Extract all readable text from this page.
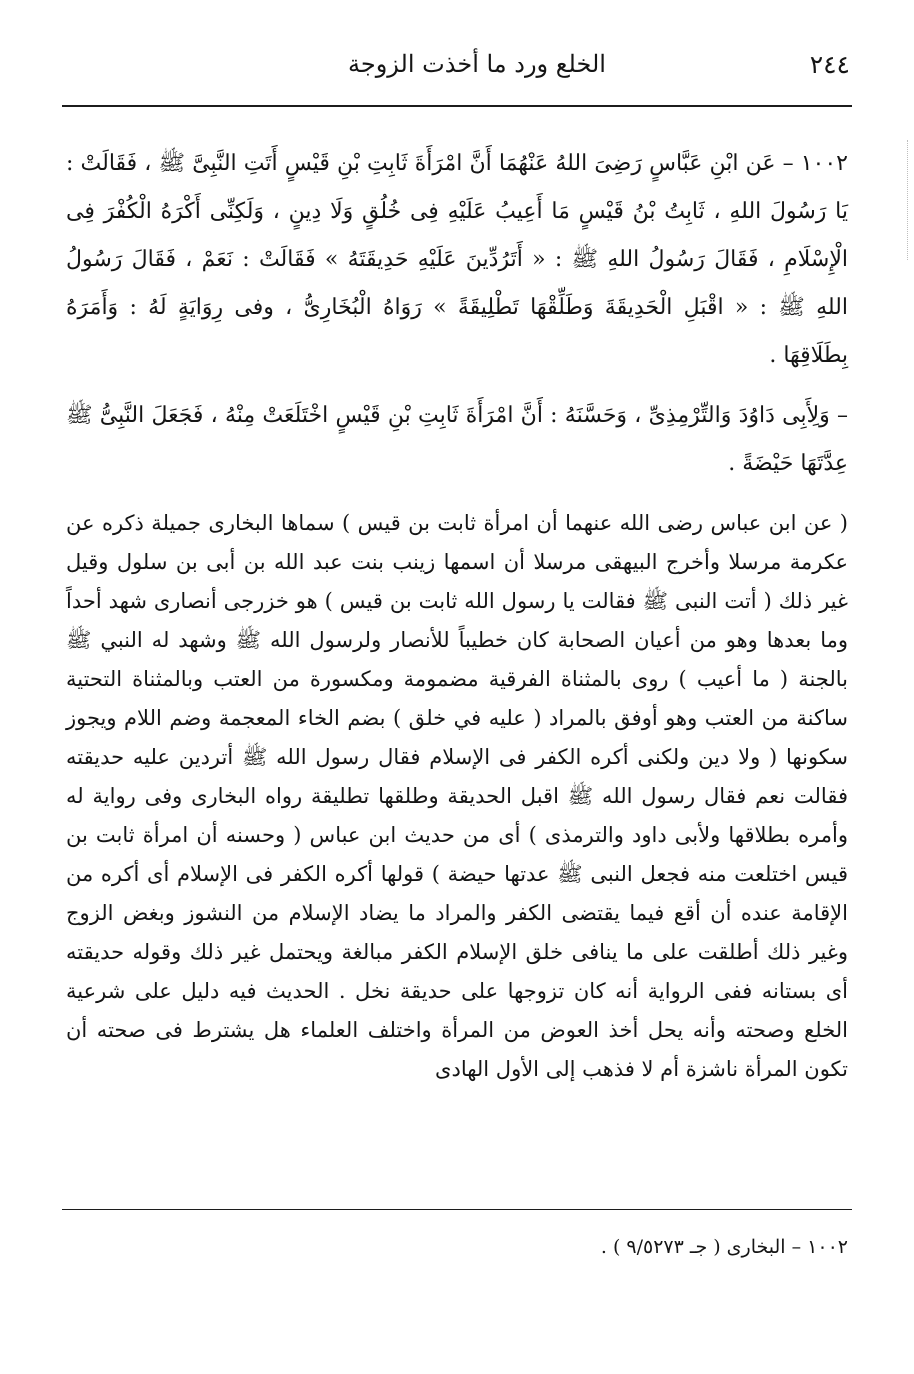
٢٤٤
الخلع ورد ما أخذت الزوجة

١٠٠٢ – عَن ابْنِ عَبَّاسٍ رَضِىَ اللهُ عَنْهُمَا أَنَّ امْرَأَةَ ثَابِتِ بْنِ قَيْسٍ أَتَتِ النَّبِىَّ ﷺ ، فَقَالَتْ : يَا رَسُولَ اللهِ ، ثَابِتُ بْنُ قَيْسٍ مَا أَعِيبُ عَلَيْهِ فِى خُلُقٍ وَلَا دِينٍ ، وَلَكِنِّى أَكْرَهُ الْكُفْرَ فِى الْإِسْلَامِ ، فَقَالَ رَسُولُ اللهِ ﷺ : « أَتَرُدِّينَ عَلَيْهِ حَدِيقَتَهُ » فَقَالَتْ : نَعَمْ ، فَقَالَ رَسُولُ اللهِ ﷺ : « اقْبَلِ الْحَدِيقَةَ وَطَلِّقْهَا تَطْلِيقَةً » رَوَاهُ الْبُخَارِىُّ ، وفى رِوَايَةٍ لَهُ : وَأَمَرَهُ بِطَلَاقِهَا .

– وَلِأَبِى دَاوُدَ وَالتِّرْمِذِىِّ ، وَحَسَّنَهُ : أَنَّ امْرَأَةَ ثَابِتِ بْنِ قَيْسٍ اخْتَلَعَتْ مِنْهُ ، فَجَعَلَ النَّبِىُّ ﷺ عِدَّتَهَا حَيْضَةً .

( عن ابن عباس رضى الله عنهما أن امرأة ثابت بن قيس ) سماها البخارى جميلة ذكره عن عكرمة مرسلا وأخرج البيهقى مرسلا أن اسمها زينب بنت عبد الله بن أبى بن سلول وقيل غير ذلك ( أتت النبى ﷺ فقالت يا رسول الله ثابت بن قيس ) هو خزرجى أنصارى شهد أحداً وما بعدها وهو من أعيان الصحابة كان خطيباً للأنصار ولرسول الله ﷺ وشهد له النبي ﷺ بالجنة ( ما أعيب ) روى بالمثناة الفرقية مضمومة ومكسورة من العتب وبالمثناة التحتية ساكنة من العتب وهو أوفق بالمراد ( عليه في خلق ) بضم الخاء المعجمة وضم اللام ويجوز سكونها ( ولا دين ولكنى أكره الكفر فى الإسلام فقال رسول الله ﷺ أتردين عليه حديقته فقالت نعم فقال رسول الله ﷺ اقبل الحديقة وطلقها تطليقة رواه البخارى وفى رواية له وأمره بطلاقها ولأبى داود والترمذى ) أى من حديث ابن عباس ( وحسنه أن امرأة ثابت بن قيس اختلعت منه فجعل النبى ﷺ عدتها حيضة ) قولها أكره الكفر فى الإسلام أى أكره من الإقامة عنده أن أقع فيما يقتضى الكفر والمراد ما يضاد الإسلام من النشوز وبغض الزوج وغير ذلك أطلقت على ما ينافى خلق الإسلام الكفر مبالغة ويحتمل غير ذلك وقوله حديقته أى بستانه ففى الرواية أنه كان تزوجها على حديقة نخل . الحديث فيه دليل على شرعية الخلع وصحته وأنه يحل أخذ العوض من المرأة واختلف العلماء هل يشترط فى صحته أن تكون المرأة ناشزة أم لا فذهب إلى الأول الهادى

١٠٠٢ – البخارى ( جـ ٩/٥٢٧٣ ) .
